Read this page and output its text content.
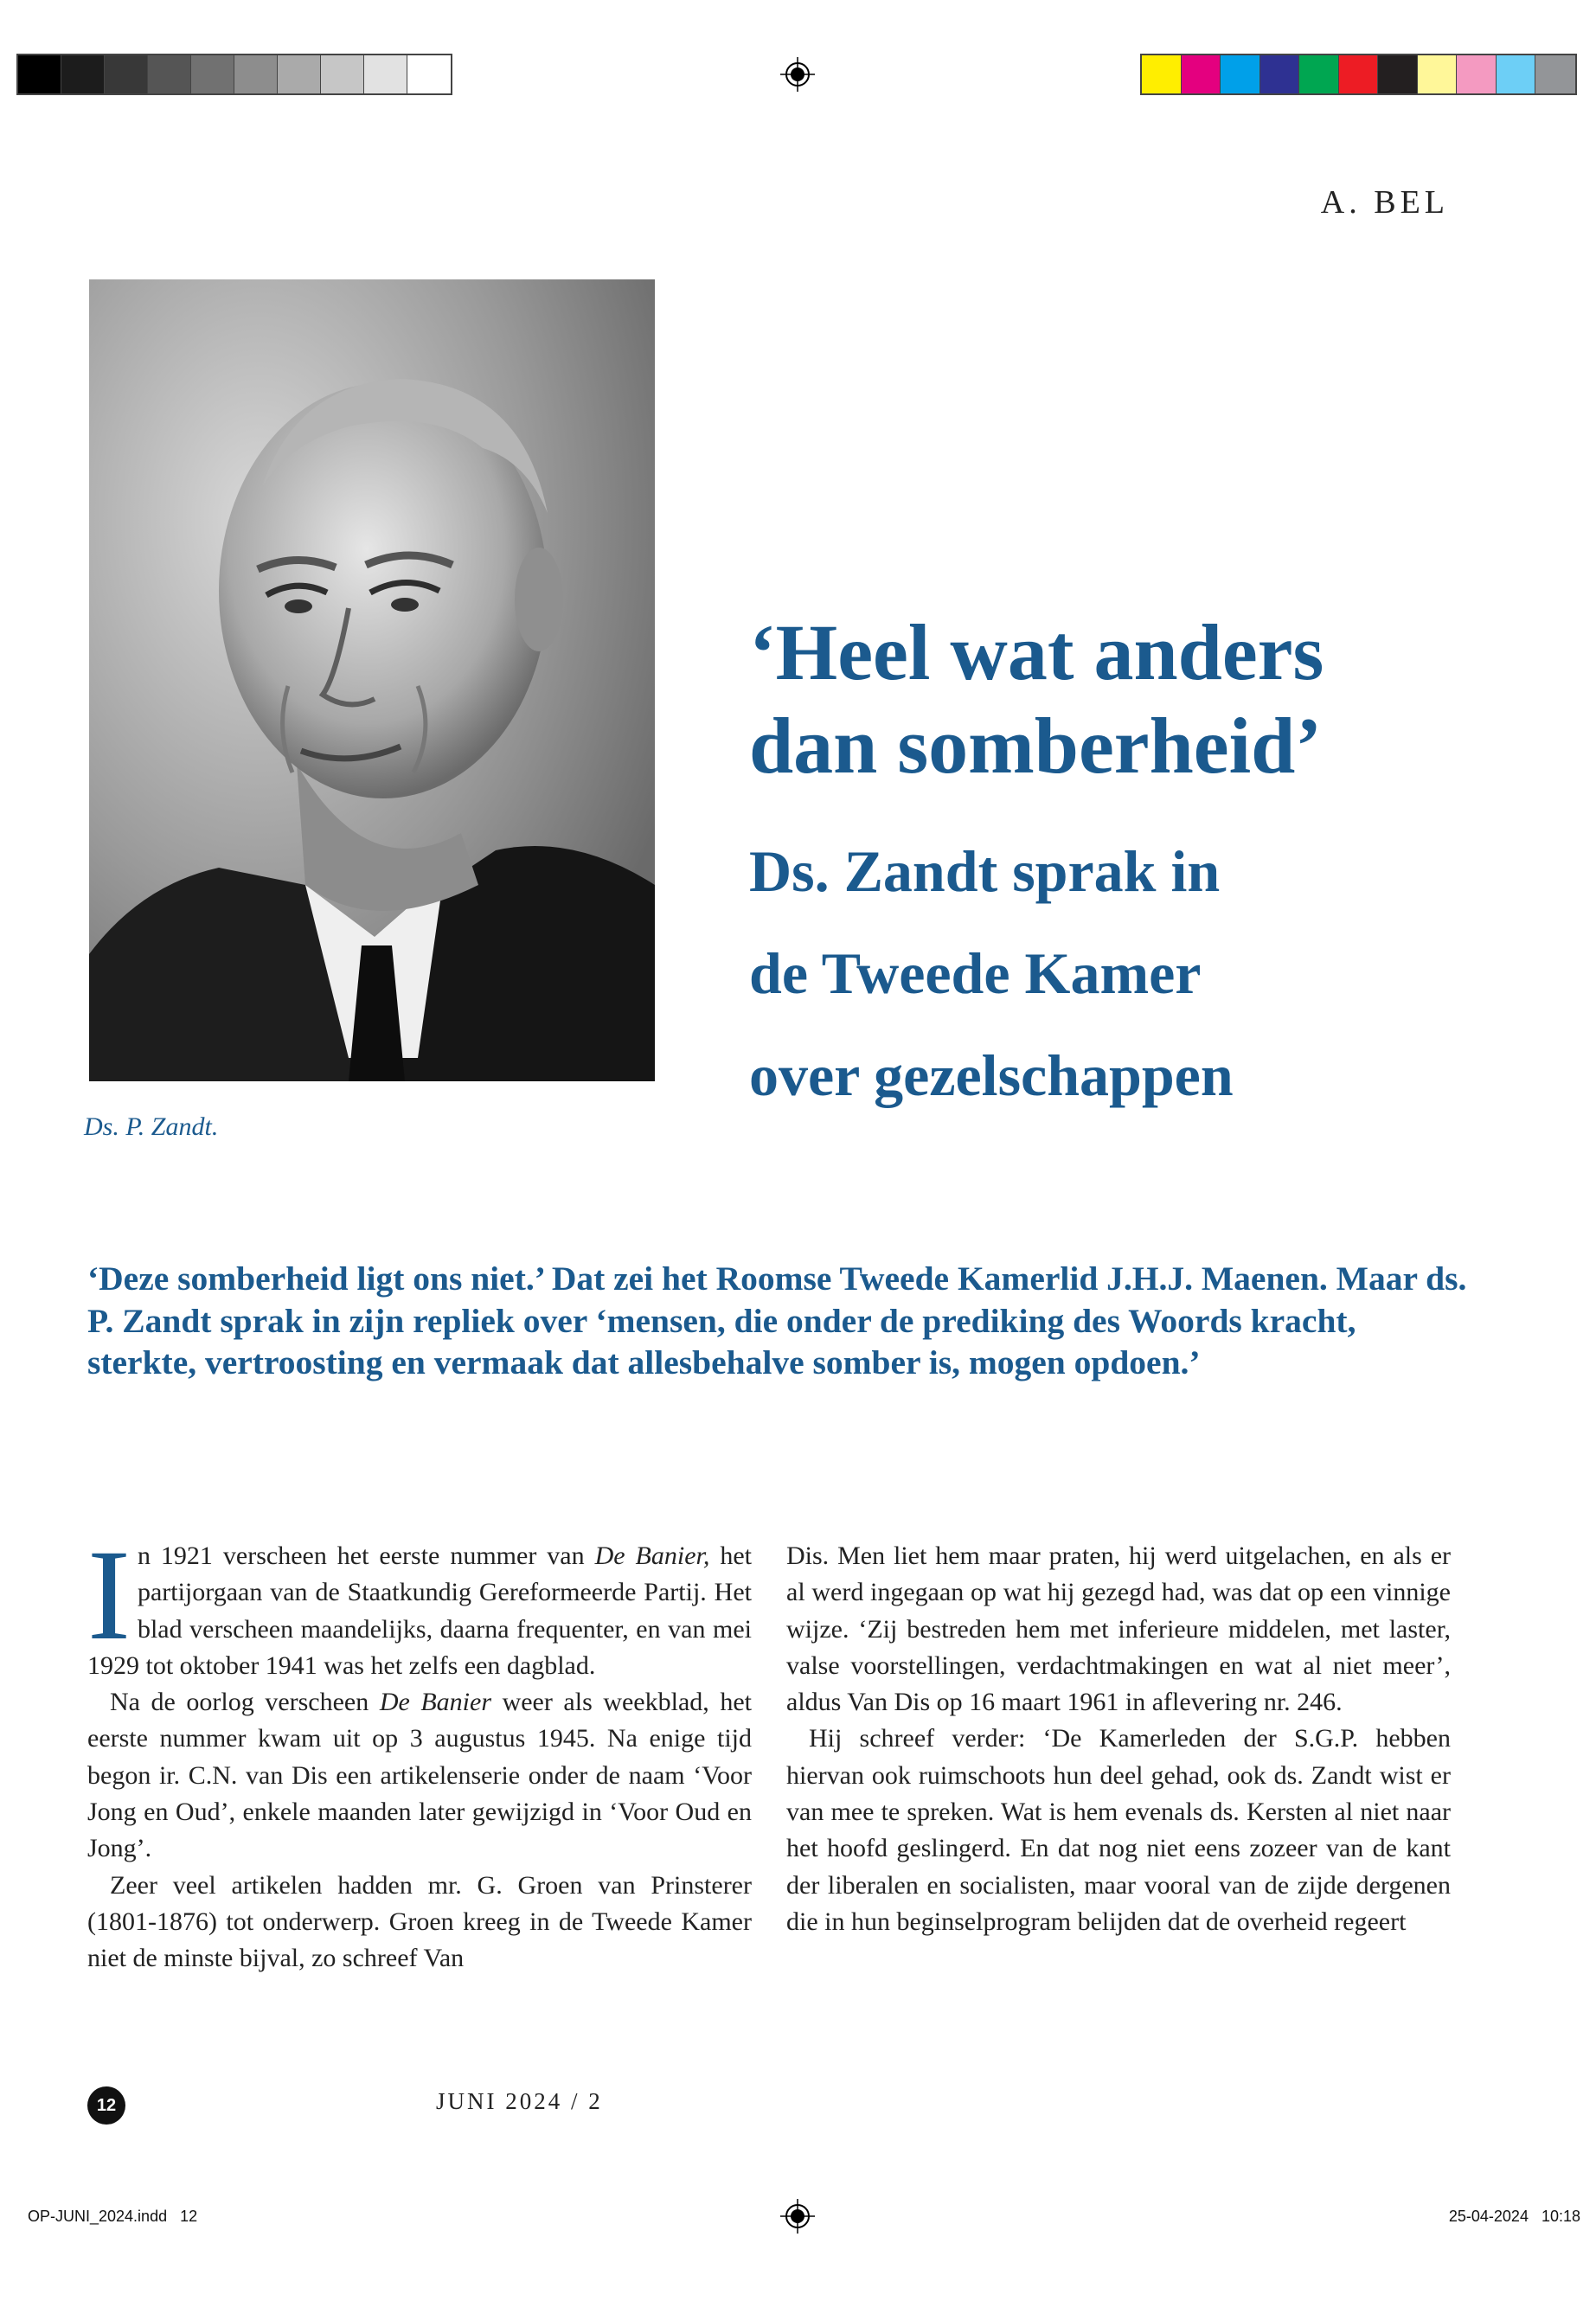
A. BEL
Ds. P. Zandt.
‘Heel wat anders
dan somberheid’
Ds. Zandt sprak in
de Tweede Kamer
over gezelschappen
‘Deze somberheid ligt ons niet.’ Dat zei het Roomse Tweede Kamerlid J.H.J. Maenen. Maar ds. P. Zandt sprak in zijn repliek over ‘mensen, die onder de prediking des Woords kracht, sterkte, vertroosting en vermaak dat allesbehalve somber is, mogen opdoen.’

In 1921 verscheen het eerste nummer van De Banier, het partijorgaan van de Staatkundig Gereformeerde Partij. Het blad verscheen maandelijks, daarna frequenter, en van mei 1929 tot oktober 1941 was het zelfs een dagblad.

Na de oorlog verscheen De Banier weer als weekblad, het eerste nummer kwam uit op 3 augustus 1945. Na enige tijd begon ir. C.N. van Dis een artikelenserie onder de naam ‘Voor Jong en Oud’, enkele maanden later gewijzigd in ‘Voor Oud en Jong’.

Zeer veel artikelen hadden mr. G. Groen van Prinsterer (1801-1876) tot onderwerp. Groen kreeg in de Tweede Kamer niet de minste bijval, zo schreef Van

Dis. Men liet hem maar praten, hij werd uitgelachen, en als er al werd ingegaan op wat hij gezegd had, was dat op een vinnige wijze. ‘Zij bestreden hem met inferieure middelen, met laster, valse voorstellingen, verdachtmakingen en wat al niet meer’, aldus Van Dis op 16 maart 1961 in aflevering nr. 246.

Hij schreef verder: ‘De Kamerleden der S.G.P. hebben hiervan ook ruimschoots hun deel gehad, ook ds. Zandt wist er van mee te spreken. Wat is hem evenals ds. Kersten al niet naar het hoofd geslingerd. En dat nog niet eens zozeer van de kant der liberalen en socialisten, maar vooral van de zijde dergenen die in hun beginselprogram belijden dat de overheid regeert

12	JUNI 2024 / 2
OP-JUNI_2024.indd   12	25-04-2024   10:18
